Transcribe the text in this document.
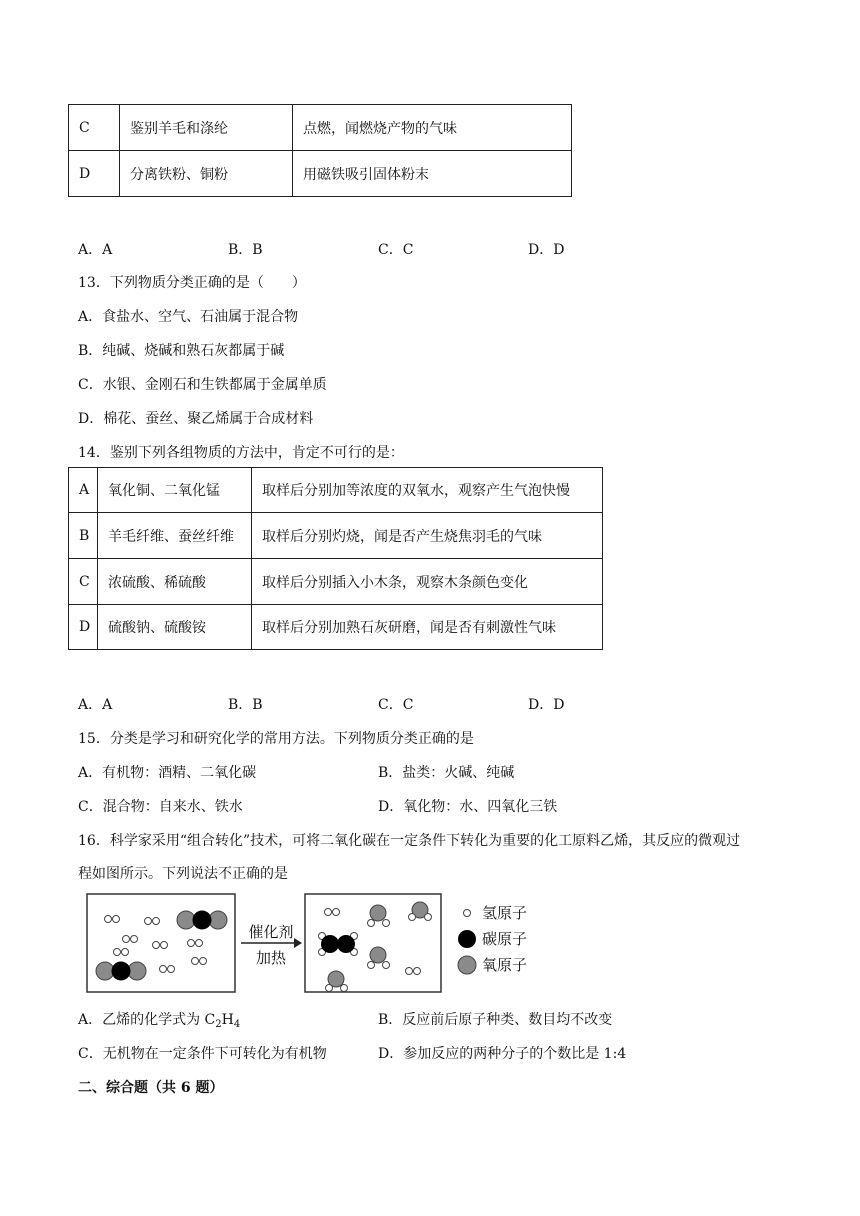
C	鉴别羊毛和涤纶	点燃，闻燃烧产物的气味
D	分离铁粉、铜粉	用磁铁吸引固体粉末
A．A	B．B	C．C	D．D
13．下列物质分类正确的是（　　）
A．食盐水、空气、石油属于混合物
B．纯碱、烧碱和熟石灰都属于碱
C．水银、金刚石和生铁都属于金属单质
D．棉花、蚕丝、聚乙烯属于合成材料
14．鉴别下列各组物质的方法中，肯定不可行的是：
A	氧化铜、二氧化锰	取样后分别加等浓度的双氧水，观察产生气泡快慢
B	羊毛纤维、蚕丝纤维	取样后分别灼烧，闻是否产生烧焦羽毛的气味
C	浓硫酸、稀硫酸	取样后分别插入小木条，观察木条颜色变化
D	硫酸钠、硫酸铵	取样后分别加熟石灰研磨，闻是否有刺激性气味
A．A	B．B	C．C	D．D
15．分类是学习和研究化学的常用方法。下列物质分类正确的是
A．有机物：酒精、二氧化碳	B．盐类：火碱、纯碱
C．混合物：自来水、铁水	D．氧化物：水、四氧化三铁
16．科学家采用“组合转化”技术，可将二氧化碳在一定条件下转化为重要的化工原料乙烯，其反应的微观过
程如图所示。下列说法不正确的是
催化剂
加热
氢原子
碳原子
氧原子
A．乙烯的化学式为 $C_2H_4$	B．反应前后原子种类、数目均不改变
C．无机物在一定条件下可转化为有机物	D．参加反应的两种分子的个数比是 1:4
二、综合题（共 6 题）
